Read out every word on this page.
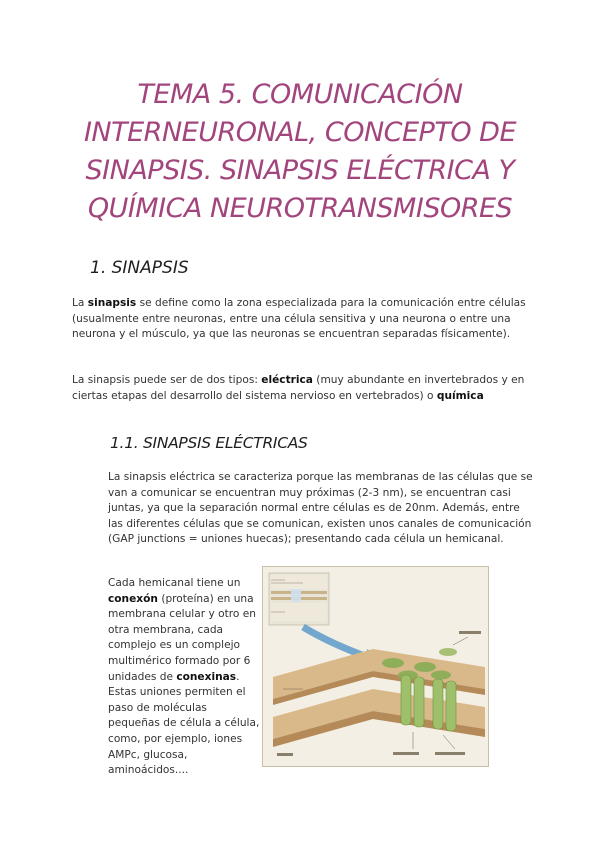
TEMA 5. COMUNICACIÓN
INTERNEURONAL, CONCEPTO DE
SINAPSIS. SINAPSIS ELÉCTRICA Y
QUÍMICA NEUROTRANSMISORES
1. SINAPSIS

La sinapsis se define como la zona especializada para la comunicación entre células (usualmente entre neuronas, entre una célula sensitiva y una neurona o entre una neurona y el músculo, ya que las neuronas se encuentran separadas físicamente).

La sinapsis puede ser de dos tipos: eléctrica (muy abundante en invertebrados y en ciertas etapas del desarrollo del sistema nervioso en vertebrados) o química

1.1. SINAPSIS ELÉCTRICAS

La sinapsis eléctrica se caracteriza porque las membranas de las células que se van a comunicar se encuentran muy próximas (2-3 nm), se encuentran casi juntas, ya que la separación normal entre células es de 20nm. Además, entre las diferentes células que se comunican, existen unos canales de comunicación (GAP junctions = uniones huecas); presentando cada célula un hemicanal.

Cada hemicanal tiene un conexón (proteína) en una membrana celular y otro en otra membrana, cada complejo es un complejo multimérico formado por 6 unidades de conexinas. Estas uniones permiten el paso de moléculas pequeñas de célula a célula, como, por ejemplo, iones AMPc, glucosa, aminoácidos....
